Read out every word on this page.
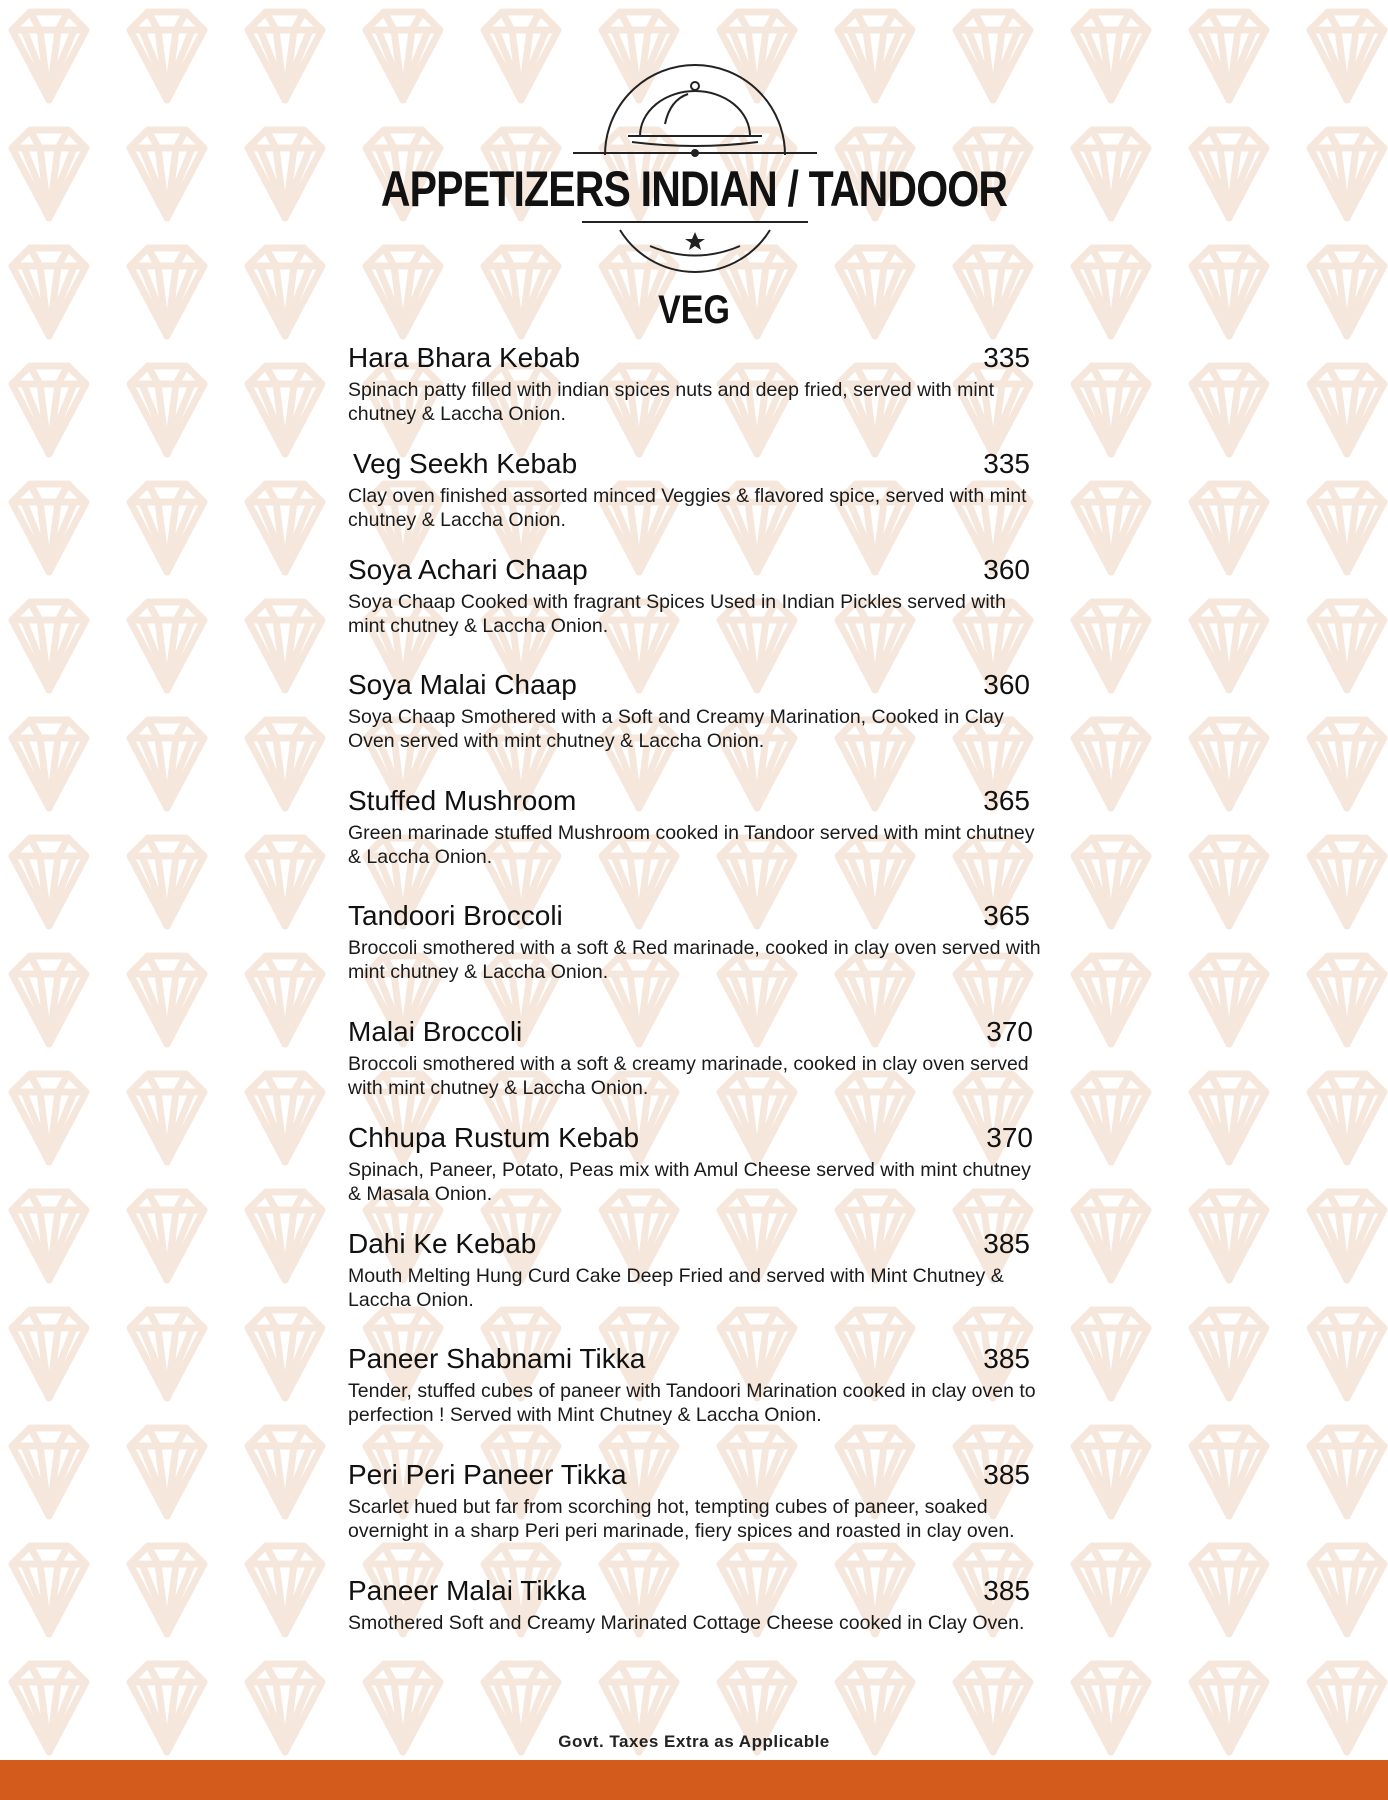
APPETIZERS INDIAN / TANDOOR
VEG
Hara Bhara Kebab	335
Spinach patty filled with indian spices nuts and deep fried, served with mint chutney & Laccha Onion.
Veg Seekh Kebab	335
Clay oven finished assorted minced Veggies & flavored spice, served with mint chutney & Laccha Onion.
Soya Achari Chaap	360
Soya Chaap Cooked with fragrant Spices Used in Indian Pickles served with mint chutney & Laccha Onion.
Soya Malai Chaap	360
Soya Chaap Smothered with a Soft and Creamy Marination, Cooked in Clay Oven served with mint chutney & Laccha Onion.
Stuffed Mushroom	365
Green marinade stuffed Mushroom cooked in Tandoor served with mint chutney & Laccha Onion.
Tandoori Broccoli	365
Broccoli smothered with a soft & Red marinade, cooked in clay oven served with mint chutney & Laccha Onion.
Malai Broccoli	370
Broccoli smothered with a soft & creamy marinade, cooked in clay oven served with mint chutney & Laccha Onion.
Chhupa Rustum Kebab	370
Spinach, Paneer, Potato, Peas mix with Amul Cheese served with mint chutney & Masala Onion.
Dahi Ke Kebab	385
Mouth Melting Hung Curd Cake Deep Fried and served with Mint Chutney & Laccha Onion.
Paneer Shabnami Tikka	385
Tender, stuffed cubes of paneer with Tandoori Marination cooked in clay oven to perfection ! Served with Mint Chutney & Laccha Onion.
Peri Peri Paneer Tikka	385
Scarlet hued but far from scorching hot, tempting cubes of paneer, soaked overnight in a sharp Peri peri marinade, fiery spices and roasted in clay oven.
Paneer Malai Tikka	385
Smothered Soft and Creamy Marinated Cottage Cheese cooked in Clay Oven.
Govt. Taxes Extra as Applicable
